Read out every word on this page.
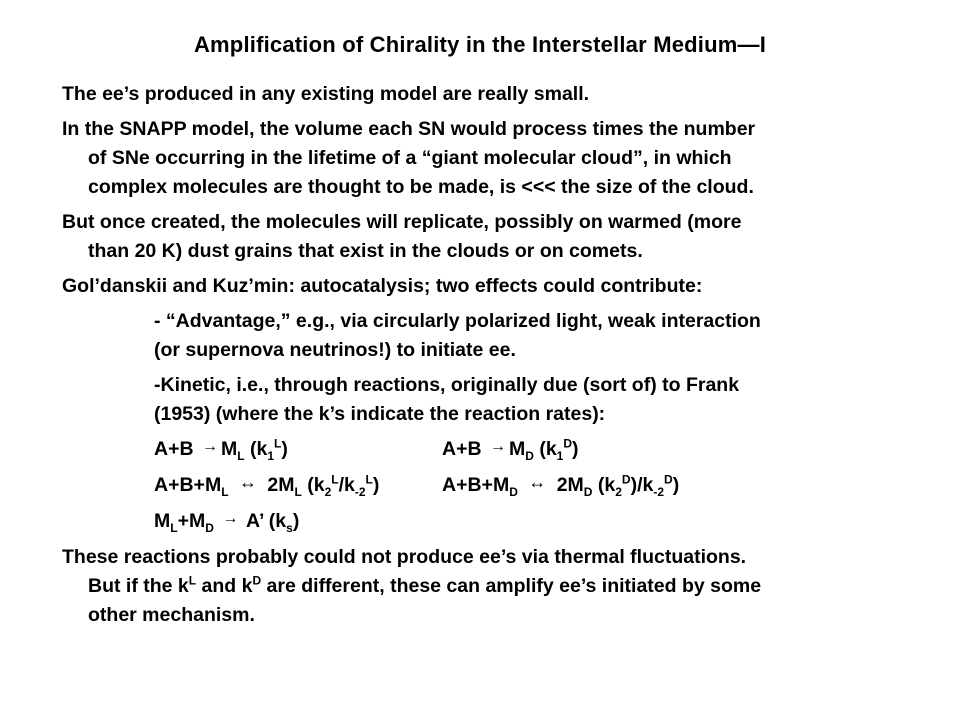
Amplification of Chirality in the Interstellar Medium—I
The ee’s produced in any existing model are really small.
In the SNAPP model, the volume each SN would process times the number
of SNe occurring in the lifetime of a “giant molecular cloud”, in which
complex molecules are thought to be made, is <<< the size of the cloud.
But once created, the molecules will replicate, possibly on warmed (more
than 20 K) dust grains that exist in the clouds or on comets.
Gol’danskii and Kuz’min: autocatalysis; two effects could contribute:
- “Advantage,” e.g., via circularly polarized light, weak interaction
(or supernova neutrinos!) to initiate ee.
-Kinetic, i.e., through reactions, originally due (sort of) to Frank
(1953) (where the k’s indicate the reaction rates):
$A+B \to M_L$ $(k_1^L)$	$A+B \to M_D$ $(k_1^D)$
$A+B+M_L$ ↔ $2M_L$ $(k_2^L/k_{-2}^L)$	$A+B+M_D$ ↔ $2M_D$ $(k_2^D)/k_{-2}^D$)
$M_L+M_D \to A$’ $(k_s)$
These reactions probably could not produce ee’s via thermal fluctuations.
But if the $k^L$ and $k^D$ are different, these can amplify ee’s initiated by some
other mechanism.
